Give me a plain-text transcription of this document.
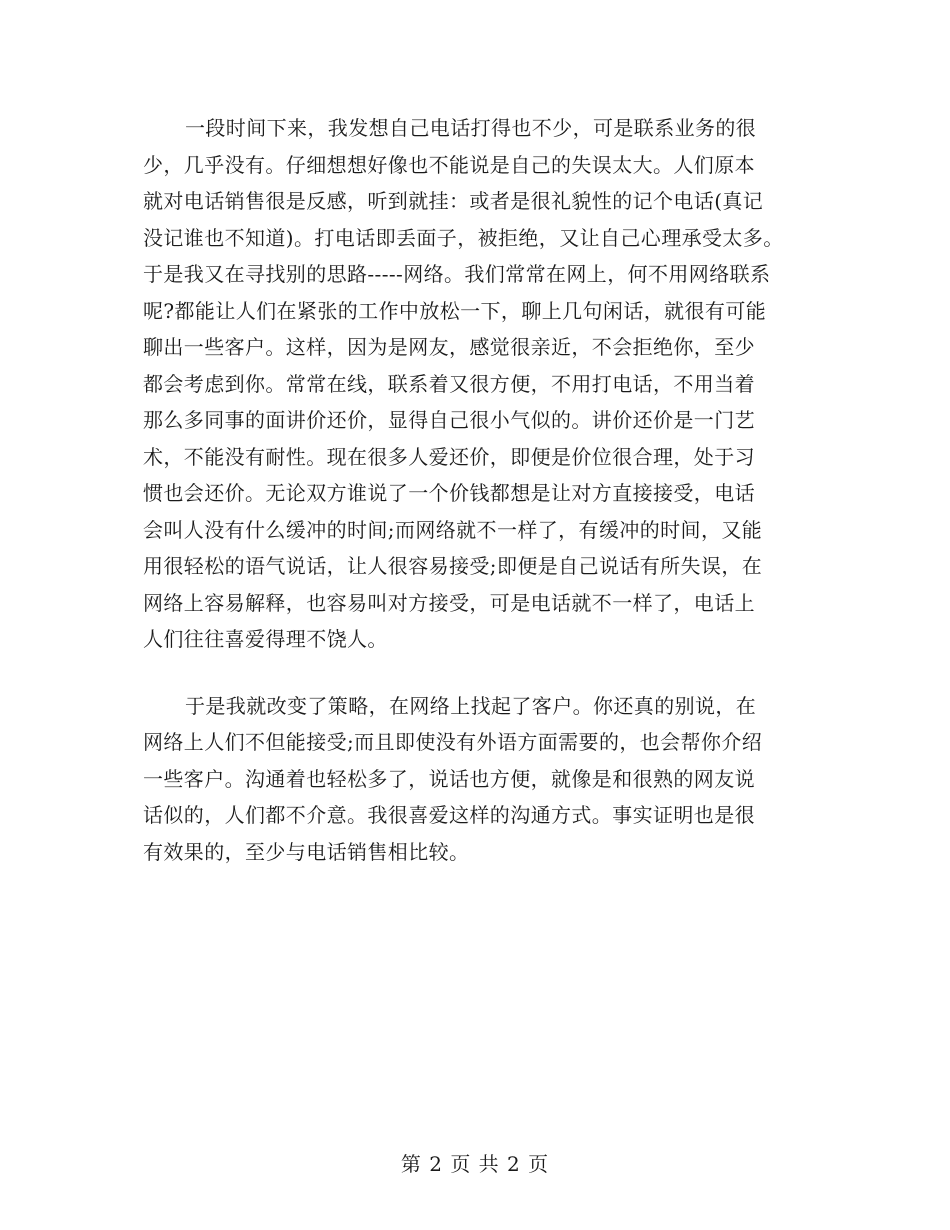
一段时间下来，我发想自己电话打得也不少，可是联系业务的很
少，几乎没有。仔细想想好像也不能说是自己的失误太大。人们原本
就对电话销售很是反感，听到就挂：或者是很礼貌性的记个电话(真记
没记谁也不知道)。打电话即丢面子，被拒绝，又让自己心理承受太多。
于是我又在寻找别的思路-----网络。我们常常在网上，何不用网络联系
呢?都能让人们在紧张的工作中放松一下，聊上几句闲话，就很有可能
聊出一些客户。这样，因为是网友，感觉很亲近，不会拒绝你，至少
都会考虑到你。常常在线，联系着又很方便，不用打电话，不用当着
那么多同事的面讲价还价，显得自己很小气似的。讲价还价是一门艺
术，不能没有耐性。现在很多人爱还价，即便是价位很合理，处于习
惯也会还价。无论双方谁说了一个价钱都想是让对方直接接受，电话
会叫人没有什么缓冲的时间;而网络就不一样了，有缓冲的时间，又能
用很轻松的语气说话，让人很容易接受;即便是自己说话有所失误，在
网络上容易解释，也容易叫对方接受，可是电话就不一样了，电话上
人们往往喜爱得理不饶人。

于是我就改变了策略，在网络上找起了客户。你还真的别说，在
网络上人们不但能接受;而且即使没有外语方面需要的，也会帮你介绍
一些客户。沟通着也轻松多了，说话也方便，就像是和很熟的网友说
话似的，人们都不介意。我很喜爱这样的沟通方式。事实证明也是很
有效果的，至少与电话销售相比较。

第 2 页 共 2 页
